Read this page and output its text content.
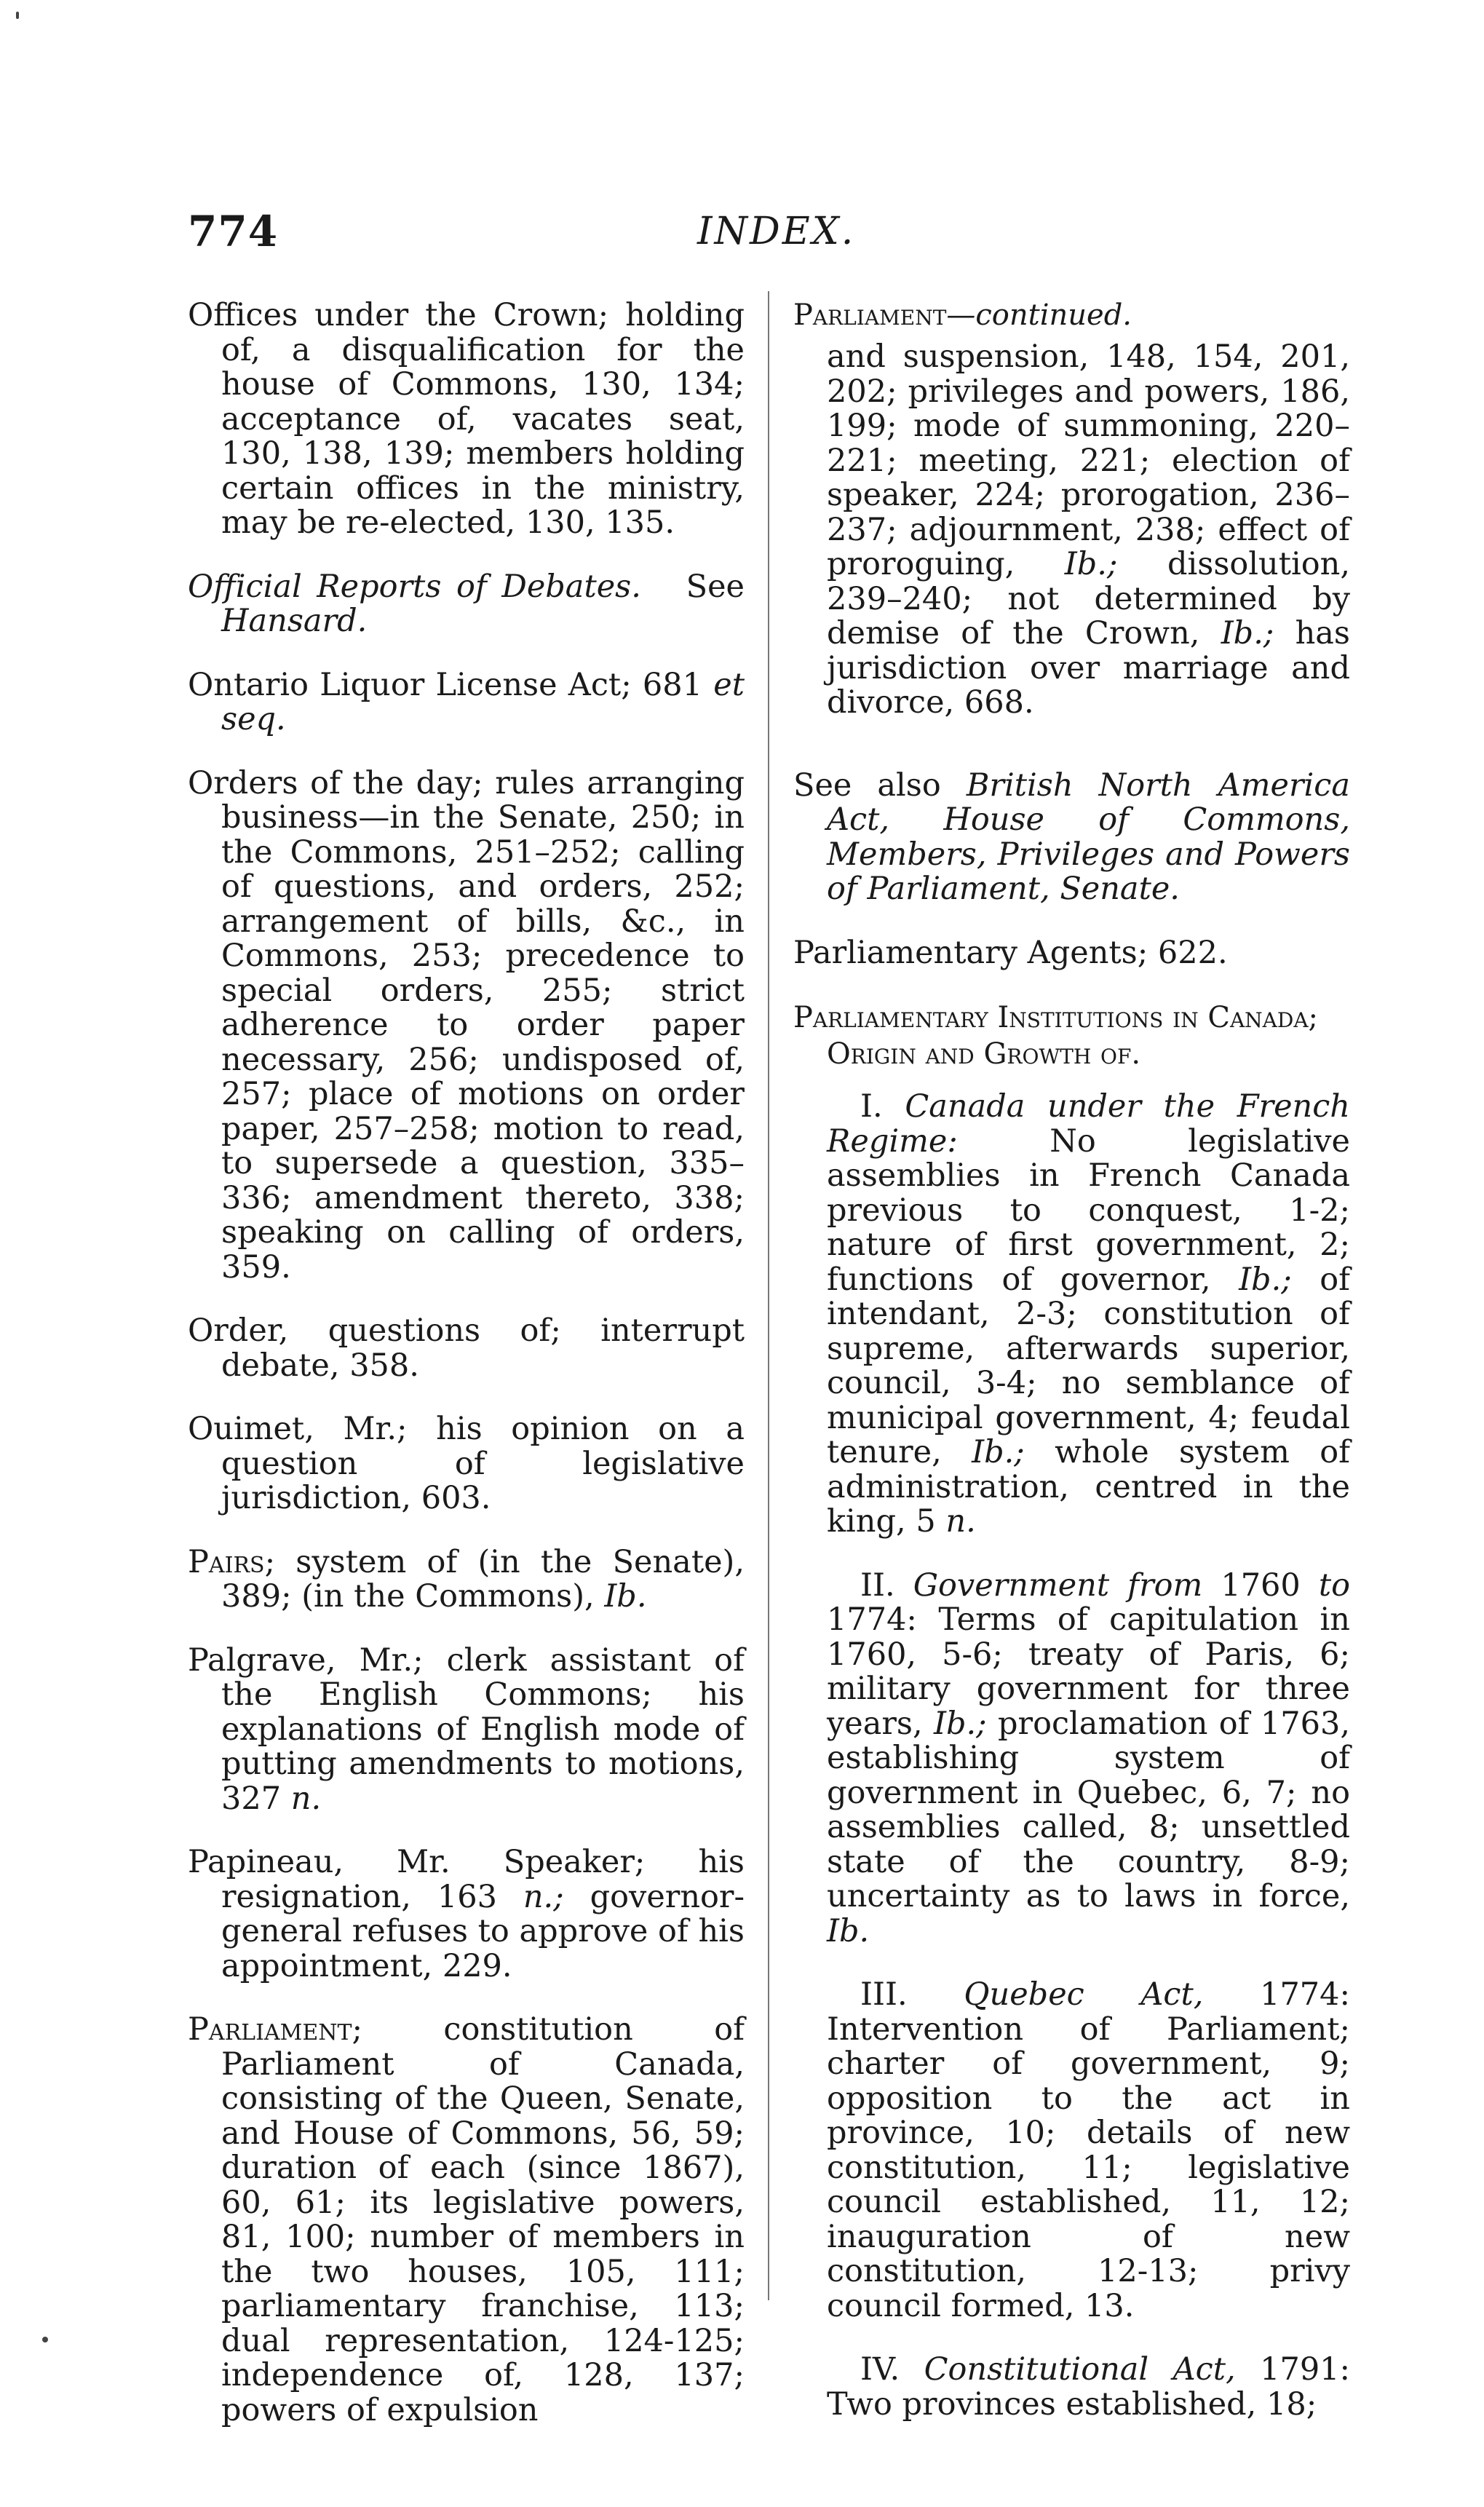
774	INDEX.

Offices under the Crown; holding of, a disqualification for the house of Commons, 130, 134; acceptance of, vacates seat, 130, 138, 139; members holding certain offices in the ministry, may be re-elected, 130, 135.

Official Reports of Debates. See Hansard.

Ontario Liquor License Act; 681 et seq.

Orders of the day; rules arranging business—in the Senate, 250; in the Commons, 251–252; calling of questions, and orders, 252; arrangement of bills, &c., in Commons, 253; precedence to special orders, 255; strict adherence to order paper necessary, 256; undisposed of, 257; place of motions on order paper, 257–258; motion to read, to supersede a question, 335–336; amendment thereto, 338; speaking on calling of orders, 359.

Order, questions of; interrupt debate, 358.

Ouimet, Mr.; his opinion on a question of legislative jurisdiction, 603.

Pairs; system of (in the Senate), 389; (in the Commons), Ib.

Palgrave, Mr.; clerk assistant of the English Commons; his explanations of English mode of putting amendments to motions, 327 n.

Papineau, Mr. Speaker; his resignation, 163 n.; governor-general refuses to approve of his appointment, 229.

Parliament; constitution of Parliament of Canada, consisting of the Queen, Senate, and House of Commons, 56, 59; duration of each (since 1867), 60, 61; its legislative powers, 81, 100; number of members in the two houses, 105, 111; parliamentary franchise, 113; dual representation, 124-125; independence of, 128, 137; powers of expulsion

Parliament—continued.

and suspension, 148, 154, 201, 202; privileges and powers, 186, 199; mode of summoning, 220–221; meeting, 221; election of speaker, 224; prorogation, 236–237; adjournment, 238; effect of proroguing, Ib.; dissolution, 239–240; not determined by demise of the Crown, Ib.; has jurisdiction over marriage and divorce, 668.

See also British North America Act, House of Commons, Members, Privileges and Powers of Parliament, Senate.

Parliamentary Agents; 622.

Parliamentary Institutions in Canada; Origin and Growth of.

I. Canada under the French Regime:	No legislative assemblies in French Canada previous to conquest, 1-2; nature of first government, 2; functions of governor, Ib.; of intendant, 2-3; constitution of supreme, afterwards superior, council, 3-4; no semblance of municipal government, 4; feudal tenure, Ib.; whole system of administration, centred in the king, 5 n.

II. Government from 1760 to 1774: Terms of capitulation in 1760, 5-6; treaty of Paris, 6; military government for three years, Ib.; proclamation of 1763, establishing system of government in Quebec, 6, 7; no assemblies called, 8; unsettled state of the country, 8-9; uncertainty as to laws in force, Ib.

III. Quebec Act, 1774: Intervention of Parliament; charter of government, 9; opposition to the act in province, 10; details of new constitution, 11; legislative council established, 11, 12; inauguration of new constitution, 12-13; privy council formed, 13.

IV. Constitutional Act, 1791: Two provinces established, 18;
